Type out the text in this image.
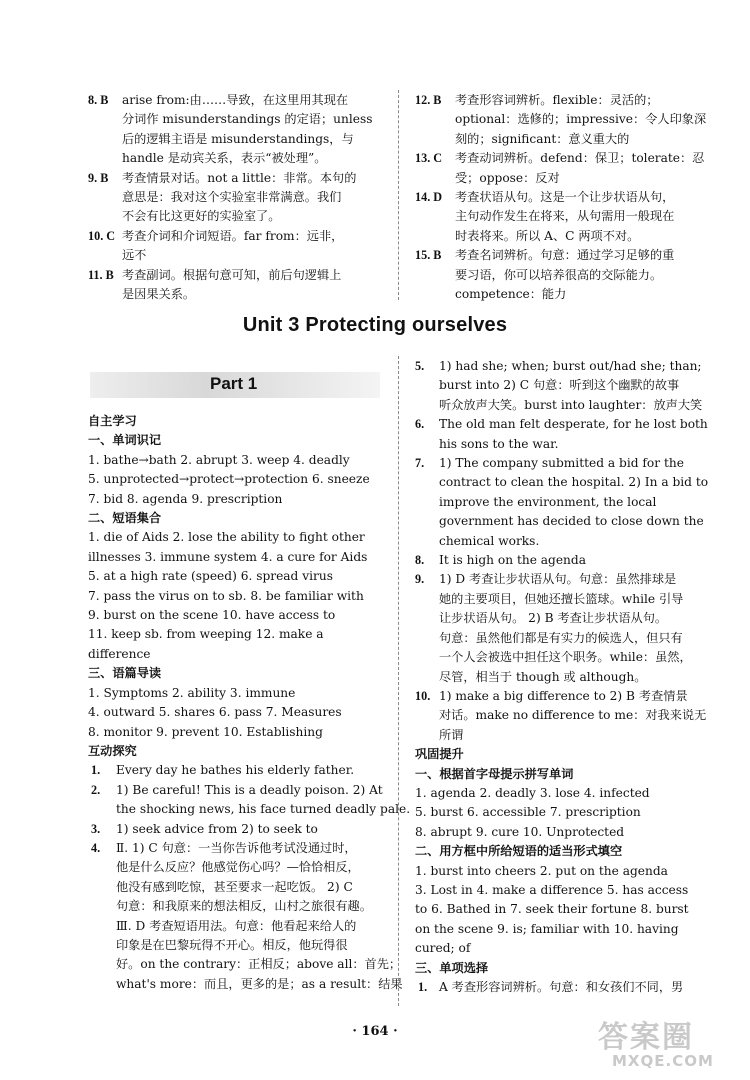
8. B	arise from:由……导致，在这里用其现在

分词作 misunderstandings 的定语；unless

后的逻辑主语是 misunderstandings，与

handle 是动宾关系，表示“被处理”。

9. B	考查情景对话。not a little：非常。本句的

意思是：我对这个实验室非常满意。我们

不会有比这更好的实验室了。

10. C 考查介词和介词短语。far from：远非，

远不

11. B 考查副词。根据句意可知，前后句逻辑上

是因果关系。

12. B	考查形容词辨析。flexible：灵活的；

optional：选修的；impressive：令人印象深

刻的；significant：意义重大的

13. C	考查动词辨析。defend：保卫；tolerate：忍

受；oppose：反对

14. D	考查状语从句。这是一个让步状语从句，

主句动作发生在将来，从句需用一般现在

时表将来。所以 A、C 两项不对。

15. B	考查名词辨析。句意：通过学习足够的重

要习语，你可以培养很高的交际能力。

competence：能力

Unit 3 Protecting ourselves
Part 1

自主学习

一、单词识记

1. bathe→bath 2. abrupt 3. weep 4. deadly

5. unprotected→protect→protection 6. sneeze

7. bid 8. agenda 9. prescription

二、短语集合

1. die of Aids 2. lose the ability to fight other

illnesses 3. immune system 4. a cure for Aids

5. at a high rate (speed) 6. spread virus

7. pass the virus on to sb. 8. be familiar with

9. burst on the scene 10. have access to

11. keep sb. from weeping 12. make a

difference

三、语篇导读

1. Symptoms 2. ability 3. immune

4. outward 5. shares 6. pass 7. Measures

8. monitor 9. prevent 10. Establishing

互动探究

1.	Every day he bathes his elderly father.

2.	1) Be careful! This is a deadly poison. 2) At

the shocking news, his face turned deadly pale.

3.	1) seek advice from 2) to seek to

4.	Ⅱ. 1) C 句意：一当你告诉他考试没通过时，

他是什么反应？他感觉伤心吗？—恰恰相反，

他没有感到吃惊，甚至要求一起吃饭。 2) C

句意：和我原来的想法相反，山村之旅很有趣。

Ⅲ. D 考查短语用法。句意：他看起来给人的

印象是在巴黎玩得不开心。相反，他玩得很

好。on the contrary：正相反；above all：首先；

what's more：而且，更多的是；as a result：结果

5.	1) had she; when; burst out/had she; than;

burst into 2) C 句意：听到这个幽默的故事

听众放声大笑。burst into laughter：放声大笑

6.	The old man felt desperate, for he lost both

his sons to the war.

7.	1) The company submitted a bid for the

contract to clean the hospital. 2) In a bid to

improve the environment, the local

government has decided to close down the

chemical works.

8.	It is high on the agenda

9.	1) D 考查让步状语从句。句意：虽然排球是

她的主要项目，但她还擅长篮球。while 引导

让步状语从句。 2) B 考查让步状语从句。

句意：虽然他们都是有实力的候选人，但只有

一个人会被选中担任这个职务。while：虽然，

尽管，相当于 though 或 although。

10. 1) make a big difference to 2) B 考查情景

对话。make no difference to me：对我来说无

所谓

巩固提升

一、根据首字母提示拼写单词

1. agenda 2. deadly 3. lose 4. infected

5. burst 6. accessible 7. prescription

8. abrupt 9. cure 10. Unprotected

二、用方框中所给短语的适当形式填空

1. burst into cheers 2. put on the agenda

3. Lost in 4. make a difference 5. has access

to 6. Bathed in 7. seek their fortune 8. burst

on the scene 9. is; familiar with 10. having

cured; of

三、单项选择

1. A 考查形容词辨析。句意：和女孩们不同，男

· 164 ·	答案圈
MXQE.COM
